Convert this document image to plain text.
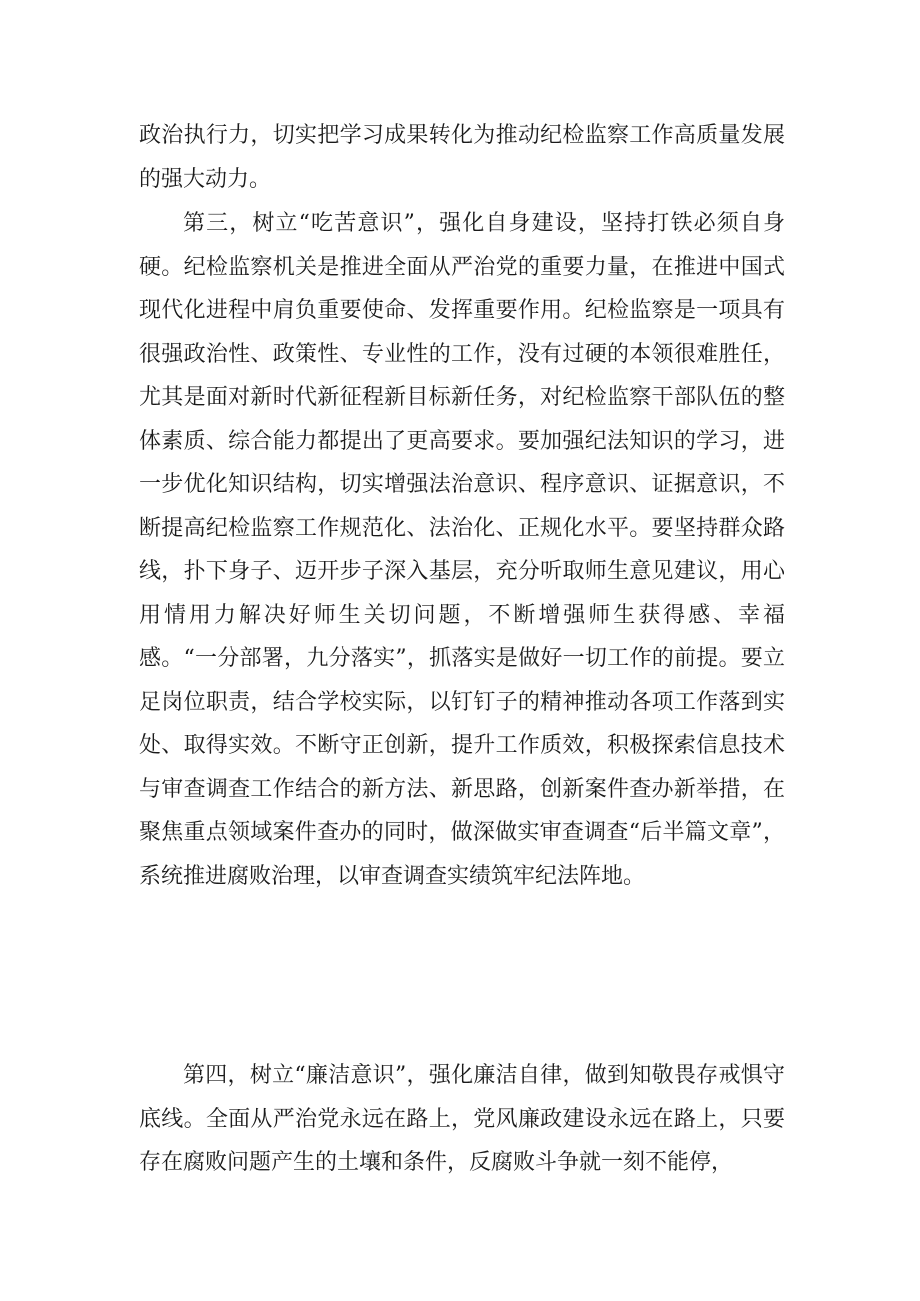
政治执行力，切实把学习成果转化为推动纪检监察工作高质量发展的强大动力。

第三，树立“吃苦意识”，强化自身建设，坚持打铁必须自身硬。纪检监察机关是推进全面从严治党的重要力量，在推进中国式现代化进程中肩负重要使命、发挥重要作用。纪检监察是一项具有很强政治性、政策性、专业性的工作，没有过硬的本领很难胜任，尤其是面对新时代新征程新目标新任务，对纪检监察干部队伍的整体素质、综合能力都提出了更高要求。要加强纪法知识的学习，进一步优化知识结构，切实增强法治意识、程序意识、证据意识，不断提高纪检监察工作规范化、法治化、正规化水平。要坚持群众路线，扑下身子、迈开步子深入基层，充分听取师生意见建议，用心用情用力解决好师生关切问题，不断增强师生获得感、幸福感。“一分部署，九分落实”，抓落实是做好一切工作的前提。要立足岗位职责，结合学校实际，以钉钉子的精神推动各项工作落到实处、取得实效。不断守正创新，提升工作质效，积极探索信息技术与审查调查工作结合的新方法、新思路，创新案件查办新举措，在聚焦重点领域案件查办的同时，做深做实审查调查“后半篇文章”，系统推进腐败治理，以审查调查实绩筑牢纪法阵地。

第四，树立“廉洁意识”，强化廉洁自律，做到知敬畏存戒惧守底线。全面从严治党永远在路上，党风廉政建设永远在路上，只要存在腐败问题产生的土壤和条件，反腐败斗争就一刻不能停，
